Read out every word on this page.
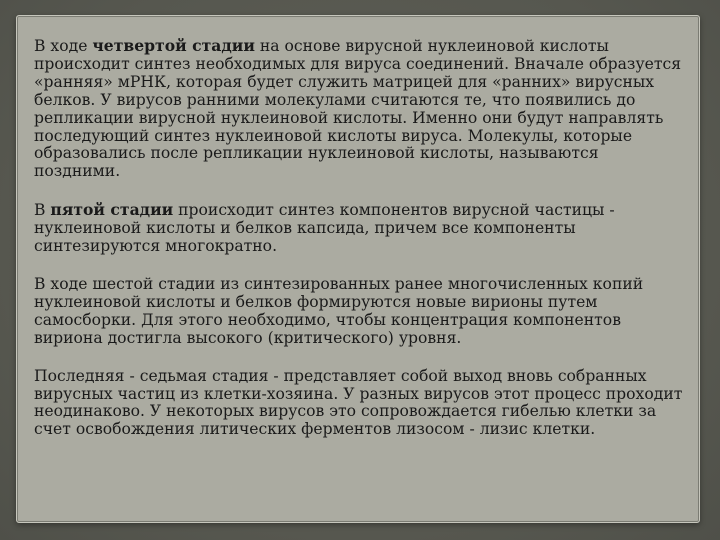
В ходе четвертой стадии на основе вирусной нуклеиновой кислоты происходит синтез необходимых для вируса соединений. Вначале образуется «ранняя» мРНК, которая будет служить матрицей для «ранних» вирусных белков. У вирусов ранними молекулами считаются те, что появились до репликации вирусной нуклеиновой кислоты. Именно они будут направлять последующий синтез нуклеиновой кислоты вируса. Молекулы, которые образовались после репликации нуклеиновой кислоты, называются поздними.

В пятой стадии происходит синтез компонентов вирусной частицы - нуклеиновой кислоты и белков капсида, причем все компоненты синтезируются многократно.

В ходе шестой стадии из синтезированных ранее многочисленных копий нуклеиновой кислоты и белков формируются новые вирионы путем самосборки. Для этого необходимо, чтобы концентрация компонентов вириона достигла высокого (критического) уровня.

Последняя - седьмая стадия - представляет собой выход вновь собранных вирусных частиц из клетки-хозяина. У разных вирусов этот процесс проходит неодинаково. У некоторых вирусов это сопровождается гибелью клетки за счет освобождения литических ферментов лизосом - лизис клетки.
